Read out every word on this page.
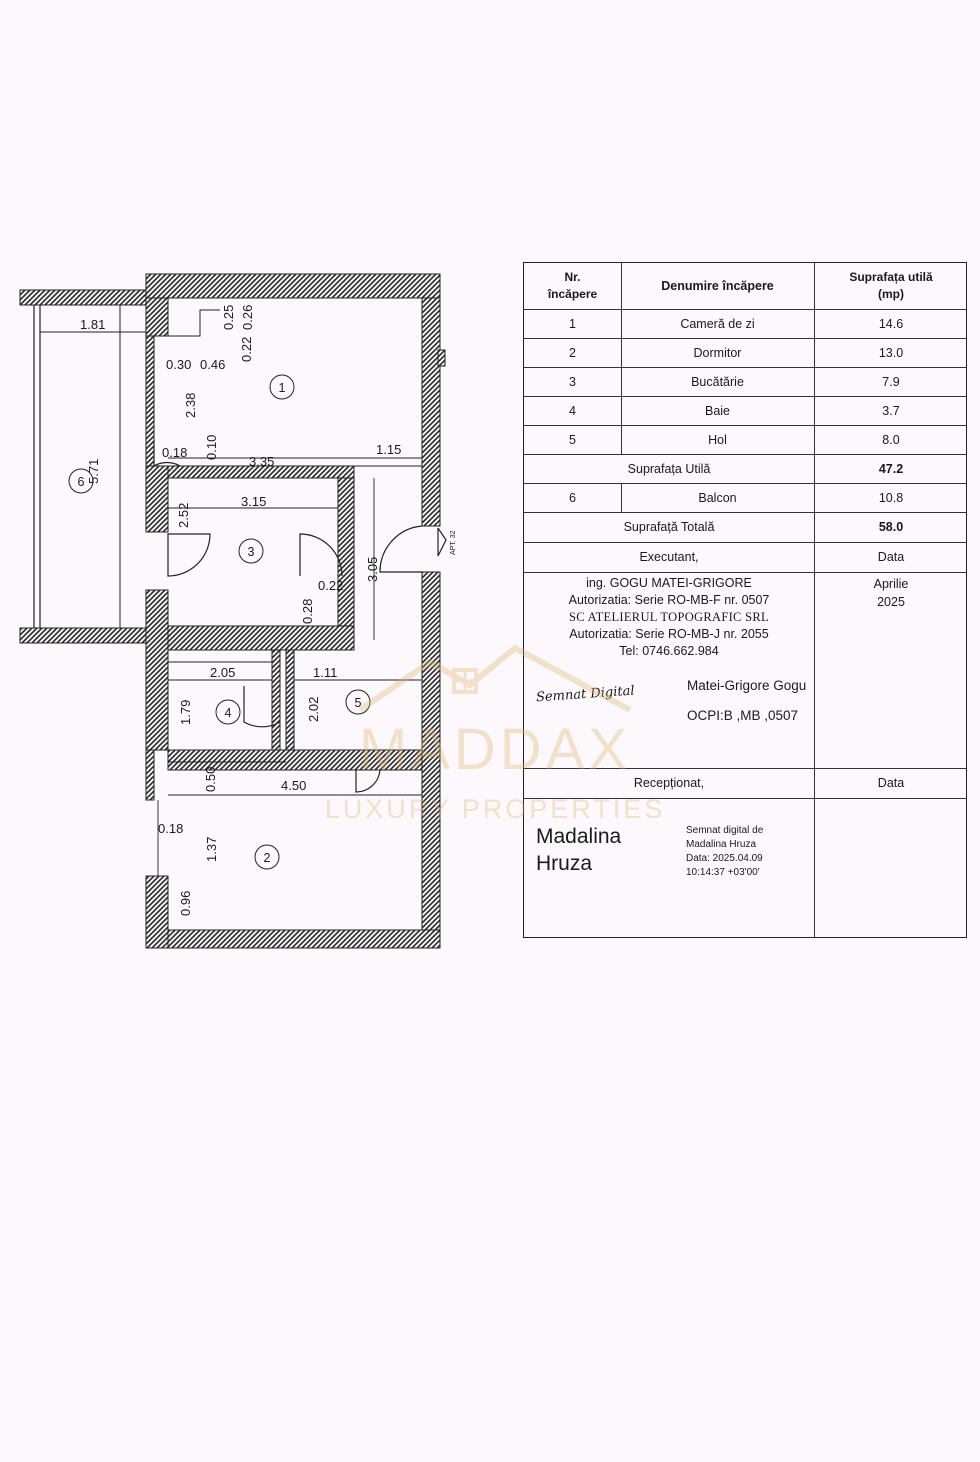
1
2
3
4
5
6
1.81
0.30 0.46
3.35
1.15
3.15
0.22
2.05	1.11
4.50
0.18
0.18
5.71
0.25 0.26
0.22
2.38
0.10
2.52
3.05
0.28
1.79	2.02
0.50
1.37
0.96
APT. 32
Nr.
încăpere
Denumire încăpere
Suprafața utilă
(mp)
1	Cameră de zi	14.6
2	Dormitor	13.0
3	Bucătărie	7.9
4	Baie	3.7
5	Hol	8.0
Suprafața Utilă	47.2
6	Balcon	10.8
Suprafață Totală	58.0
Executant,	Data
ing. GOGU MATEI-GRIGORE
Autorizatia: Serie RO-MB-F nr. 0507
SC ATELIERUL TOPOGRAFIC SRL
Autorizatia: Serie RO-MB-J nr. 2055
Tel: 0746.662.984
Semnat Digital	Matei-Grigore Gogu
OCPI:B ,MB ,0507
Aprilie
2025
Recepționat,	Data
Madalina
Hruza
Semnat digital de
Madalina Hruza
Data: 2025.04.09
10:14:37 +03'00'
MADDAX
LUXURY PROPERTIES
